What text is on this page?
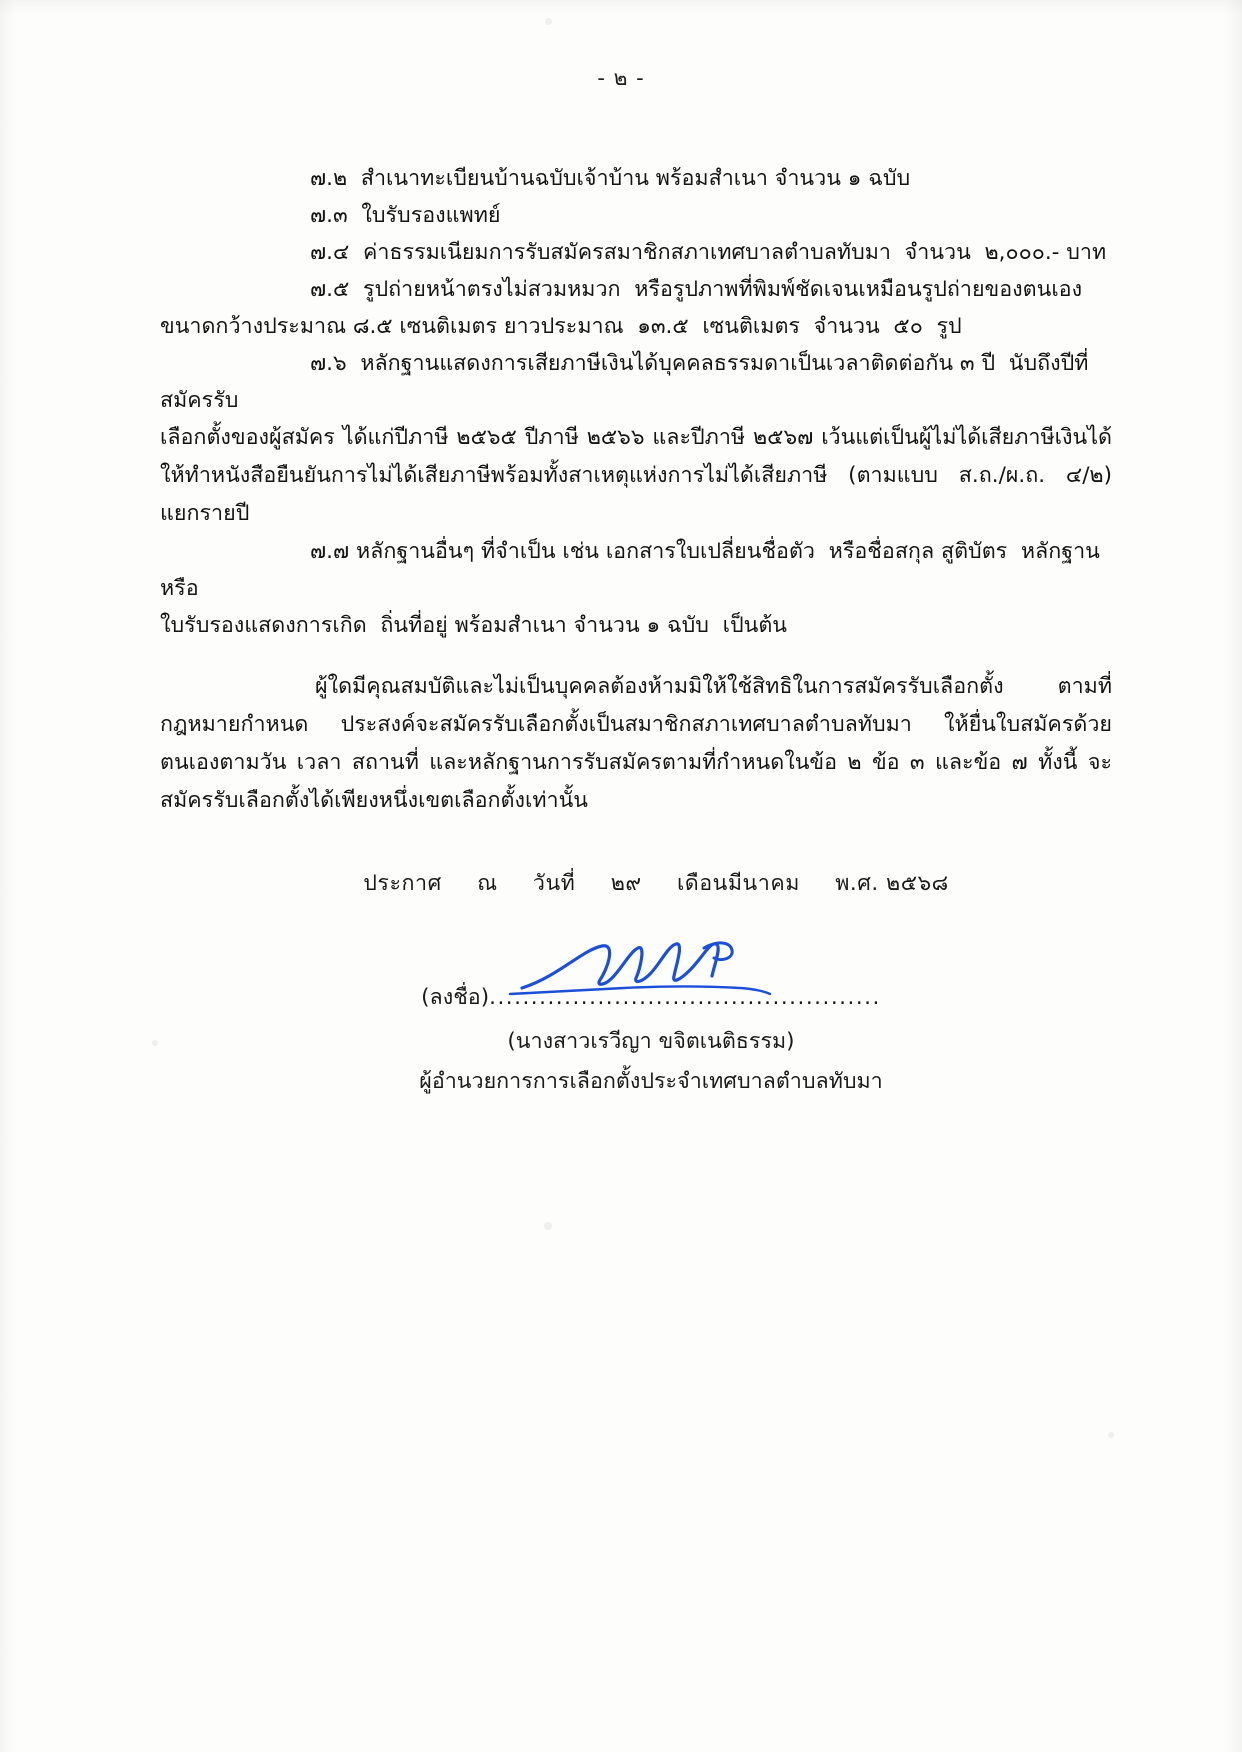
- ๒ -
๗.๒  สำเนาทะเบียนบ้านฉบับเจ้าบ้าน พร้อมสำเนา จำนวน ๑ ฉบับ
๗.๓  ใบรับรองแพทย์
๗.๔  ค่าธรรมเนียมการรับสมัครสมาชิกสภาเทศบาลตำบลทับมา  จำนวน  ๒,๐๐๐.- บาท
๗.๕  รูปถ่ายหน้าตรงไม่สวมหมวก  หรือรูปภาพที่พิมพ์ชัดเจนเหมือนรูปถ่ายของตนเอง
ขนาดกว้างประมาณ ๘.๕ เซนติเมตร ยาวประมาณ  ๑๓.๕  เซนติเมตร  จำนวน  ๕๐  รูป
๗.๖  หลักฐานแสดงการเสียภาษีเงินได้บุคคลธรรมดาเป็นเวลาติดต่อกัน ๓ ปี  นับถึงปีที่สมัครรับ
เลือกตั้งของผู้สมัคร ได้แก่ปีภาษี ๒๕๖๕ ปีภาษี ๒๕๖๖ และปีภาษี ๒๕๖๗ เว้นแต่เป็นผู้ไม่ได้เสียภาษีเงินได้ให้ทำหนังสือยืนยันการไม่ได้เสียภาษีพร้อมทั้งสาเหตุแห่งการไม่ได้เสียภาษี (ตามแบบ ส.ถ./ผ.ถ. ๔/๒) แยกรายปี
๗.๗ หลักฐานอื่นๆ ที่จำเป็น เช่น เอกสารใบเปลี่ยนชื่อตัว  หรือชื่อสกุล สูติบัตร  หลักฐานหรือ
ใบรับรองแสดงการเกิด  ถิ่นที่อยู่ พร้อมสำเนา จำนวน ๑ ฉบับ  เป็นต้น
ผู้ใดมีคุณสมบัติและไม่เป็นบุคคลต้องห้ามมิให้ใช้สิทธิในการสมัครรับเลือกตั้ง ตามที่กฎหมายกำหนด ประสงค์จะสมัครรับเลือกตั้งเป็นสมาชิกสภาเทศบาลตำบลทับมา ให้ยื่นใบสมัครด้วยตนเองตามวัน เวลา สถานที่ และหลักฐานการรับสมัครตามที่กำหนดในข้อ ๒ ข้อ ๓ และข้อ ๗ ทั้งนี้ จะสมัครรับเลือกตั้งได้เพียงหนึ่งเขตเลือกตั้งเท่านั้น
ประกาศ ณ วันที่ ๒๙ เดือนมีนาคม พ.ศ. ๒๕๖๘
(ลงชื่อ)...............................................
(นางสาวเรวีญา ขจิตเนติธรรม)
ผู้อำนวยการการเลือกตั้งประจำเทศบาลตำบลทับมา
